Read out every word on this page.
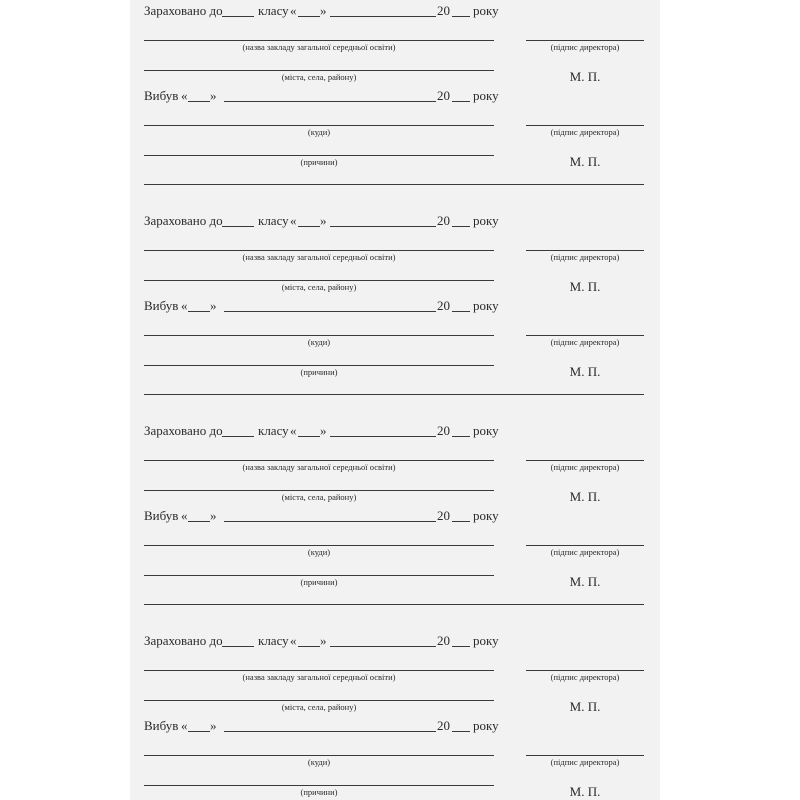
Зараховано до	класу « »	20 року
(назва закладу загальної середньої освіти)	(підпис директора)
(міста, села, району)	М. П.
Вибув « »	20 року
(куди)	(підпис директора)
(причини)	М. П.
Зараховано до	класу « »	20 року
(назва закладу загальної середньої освіти)	(підпис директора)
(міста, села, району)	М. П.
Вибув « »	20 року
(куди)	(підпис директора)
(причини)	М. П.
Зараховано до	класу « »	20 року
(назва закладу загальної середньої освіти)	(підпис директора)
(міста, села, району)	М. П.
Вибув « »	20 року
(куди)	(підпис директора)
(причини)	М. П.
Зараховано до	класу « »	20 року
(назва закладу загальної середньої освіти)	(підпис директора)
(міста, села, району)	М. П.
Вибув « »	20 року
(куди)	(підпис директора)
(причини)	М. П.
